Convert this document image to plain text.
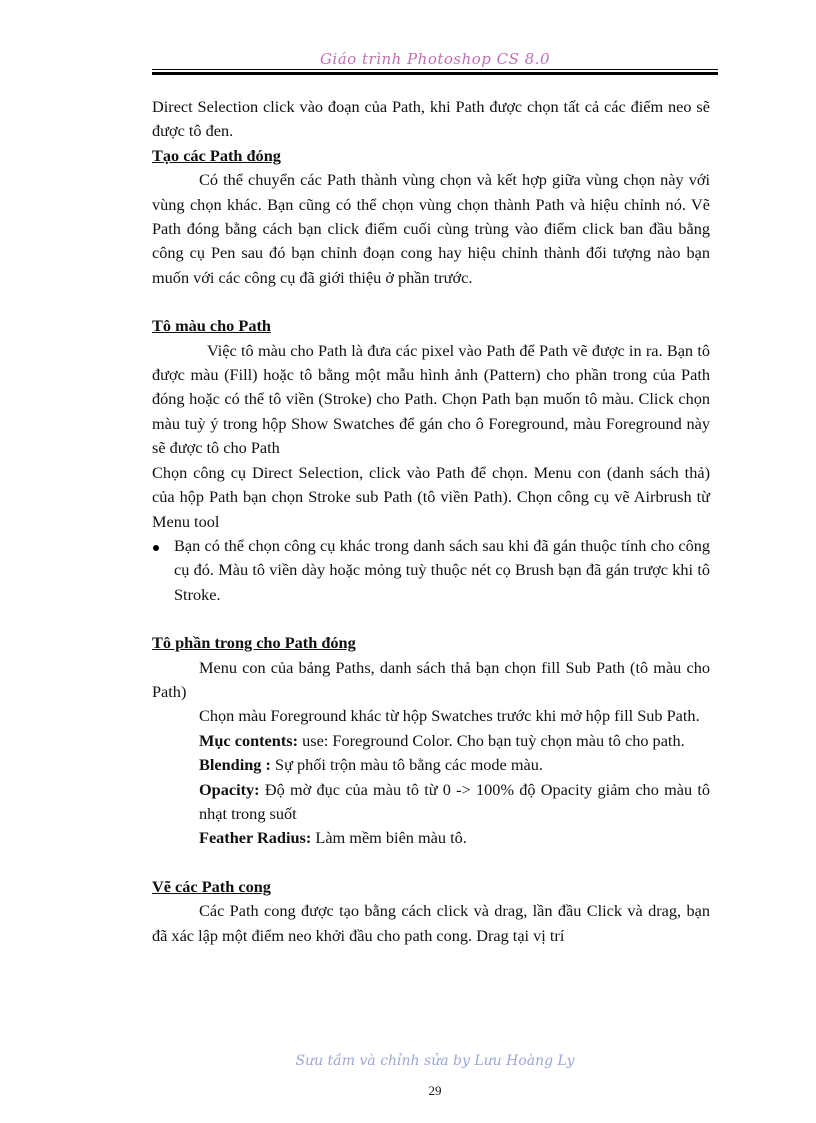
Giáo trình Photoshop CS 8.0

Direct Selection click vào đoạn của Path, khi Path được chọn tất cả các điểm neo sẽ được tô đen.

Tạo các Path đóng

Có thể chuyển các Path thành vùng chọn và kết hợp giữa vùng chọn này với vùng chọn khác. Bạn cũng có thể chọn vùng chọn thành Path và hiệu chỉnh nó. Vẽ Path đóng bằng cách bạn click điểm cuối cùng trùng vào điểm click ban đầu bằng công cụ Pen sau đó bạn chỉnh đoạn cong hay hiệu chỉnh thành đối tượng nào bạn muốn với các công cụ đã giới thiệu ở phần trước.

Tô màu cho Path

Việc tô màu cho Path là đưa các pixel vào Path để Path vẽ được in ra. Bạn tô được màu (Fill) hoặc tô bằng một mẫu hình ảnh (Pattern) cho phần trong của Path đóng hoặc có thể tô viền (Stroke) cho Path. Chọn Path bạn muốn tô màu. Click chọn màu tuỳ ý trong hộp Show Swatches để gán cho ô Foreground, màu Foreground này sẽ được tô cho Path

Chọn công cụ Direct Selection, click vào Path để chọn. Menu con (danh sách thả) của hộp Path bạn chọn Stroke sub Path (tô viền Path). Chọn công cụ vẽ Airbrush từ Menu tool

Bạn có thể chọn công cụ khác trong danh sách sau khi đã gán thuộc tính cho công cụ đó. Màu tô viền dày hoặc mỏng tuỳ thuộc nét cọ Brush bạn đã gán trược khi tô Stroke.

Tô phần trong cho Path đóng

Menu con của bảng Paths, danh sách thả bạn chọn fill Sub Path (tô màu cho Path)

Chọn màu Foreground khác từ hộp Swatches trước khi mở hộp fill Sub Path.

Mục contents: use: Foreground Color. Cho bạn tuỳ chọn màu tô cho path.

Blending : Sự phối trộn màu tô bằng các mode màu.

Opacity: Độ mờ đục của màu tô từ 0 -> 100% độ Opacity giảm cho màu tô nhạt trong suốt

Feather Radius: Làm mềm biên màu tô.

Vẽ các Path cong

Các Path cong được tạo bằng cách click và drag, lần đầu Click và drag, bạn đã xác lập một điểm neo khởi đầu cho path cong. Drag tại vị trí

Sưu tầm và chỉnh sửa by Lưu Hoàng Ly
29
